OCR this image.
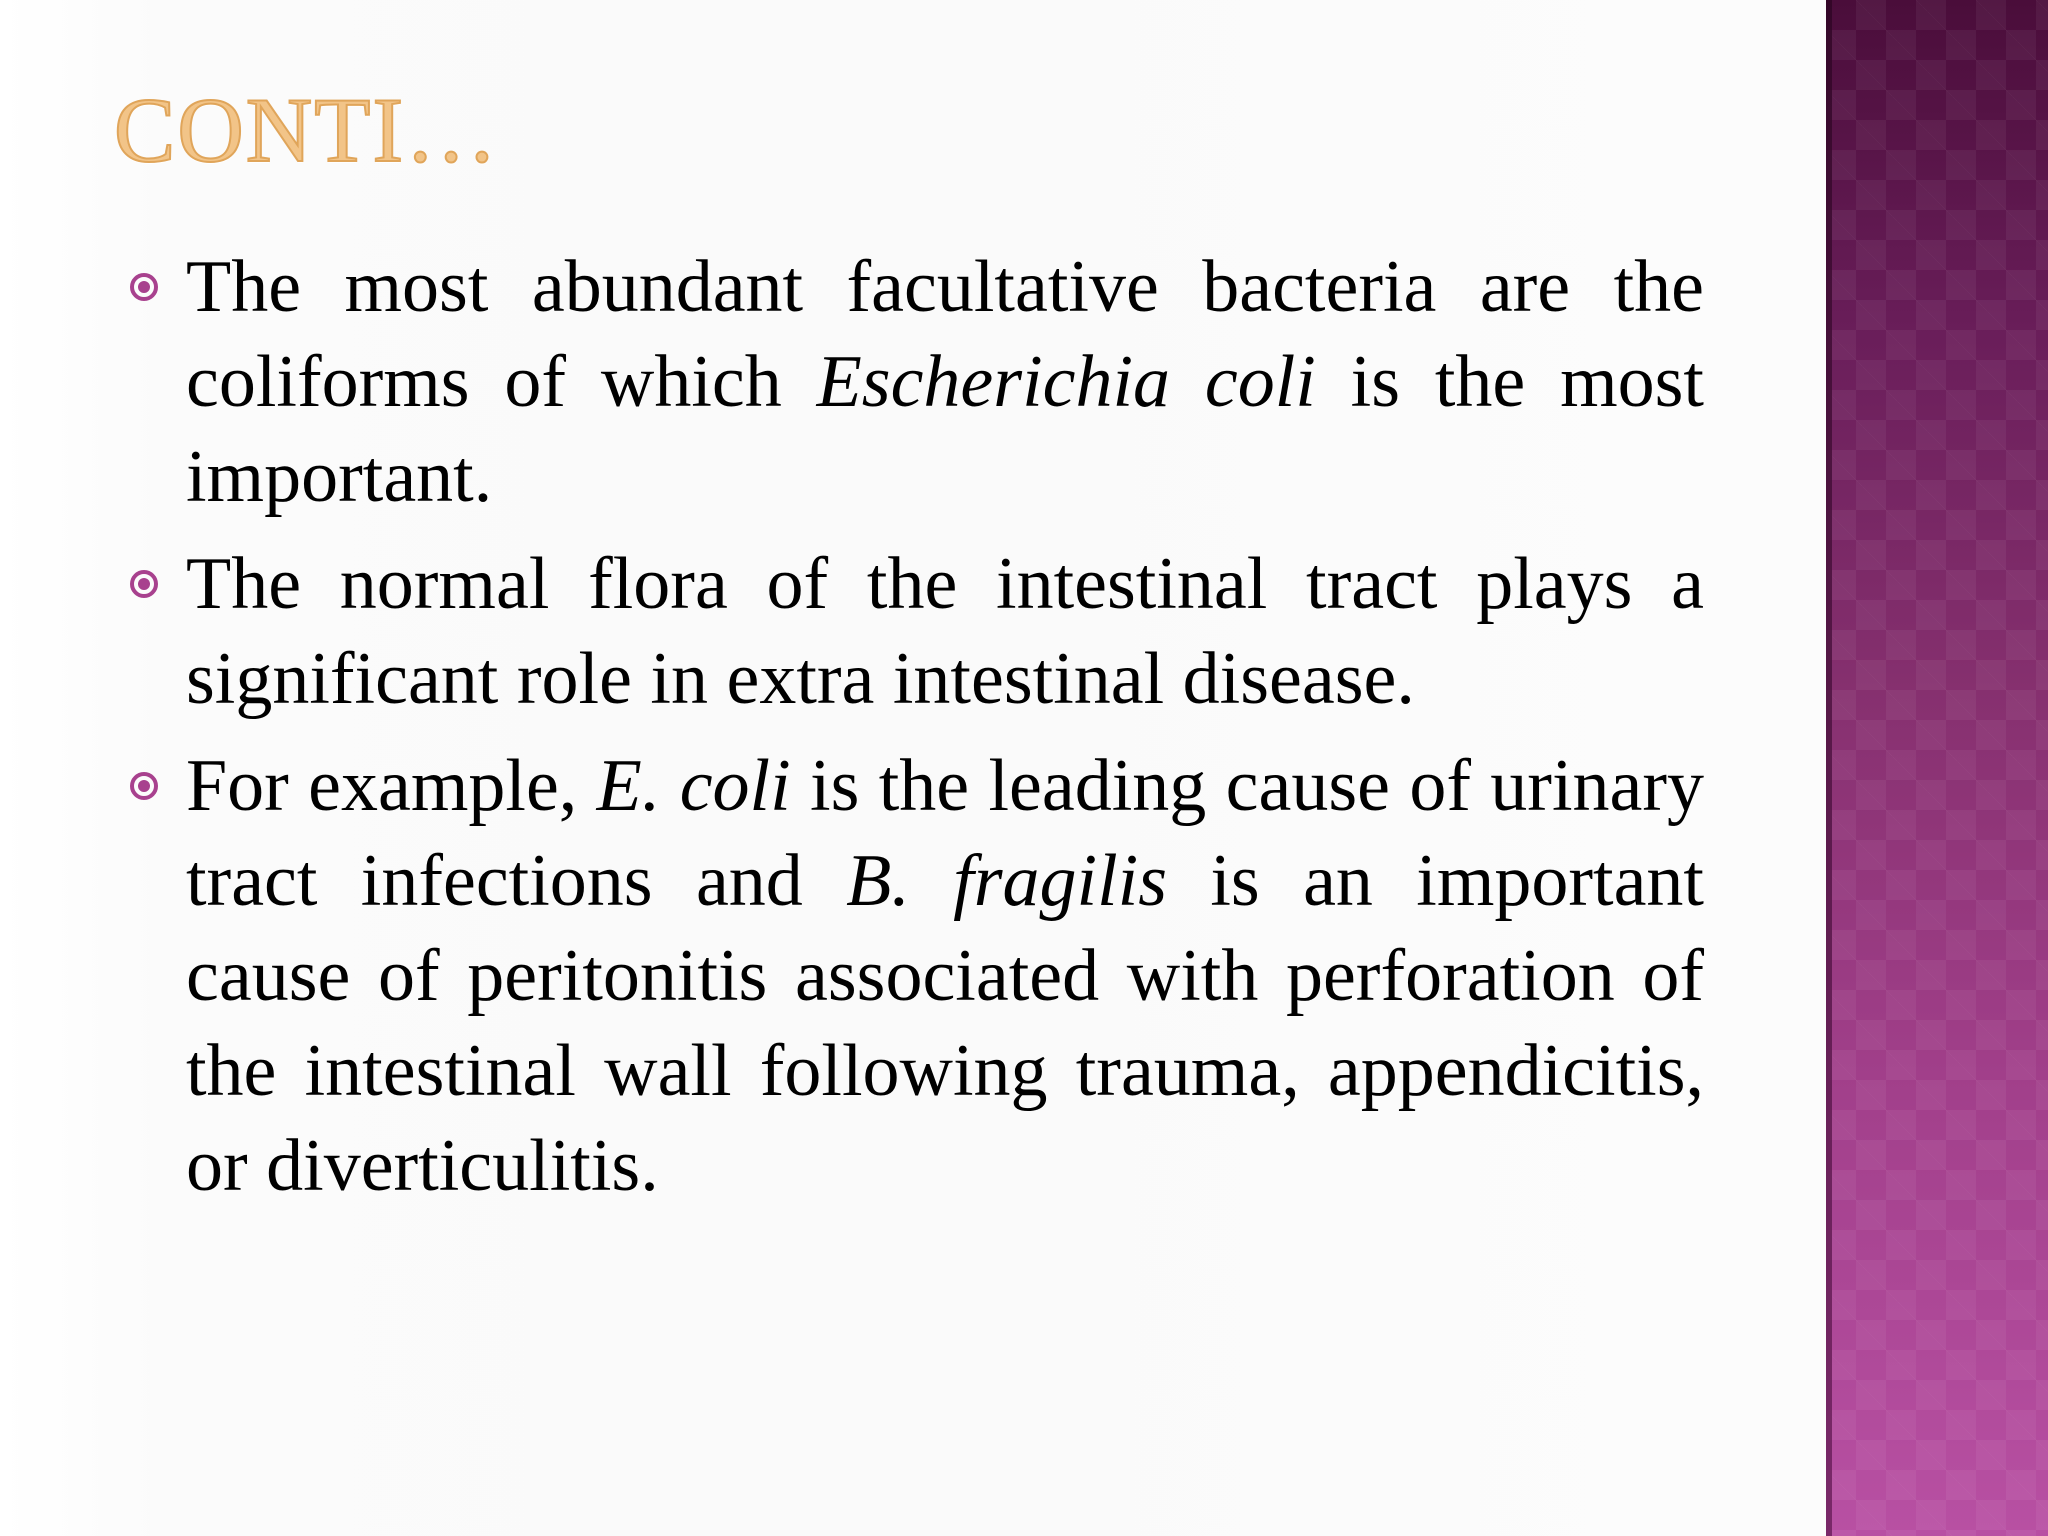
CONTI…

The most abundant facultative bacteria are the coliforms of which Escherichia coli is the most important.

The normal flora of the intestinal tract plays a significant role in extra intestinal disease.

For example, E. coli is the leading cause of urinary tract infections and B. fragilis is an important cause of peritonitis associated with perforation of the intestinal wall following trauma, appendicitis, or diverticulitis.
